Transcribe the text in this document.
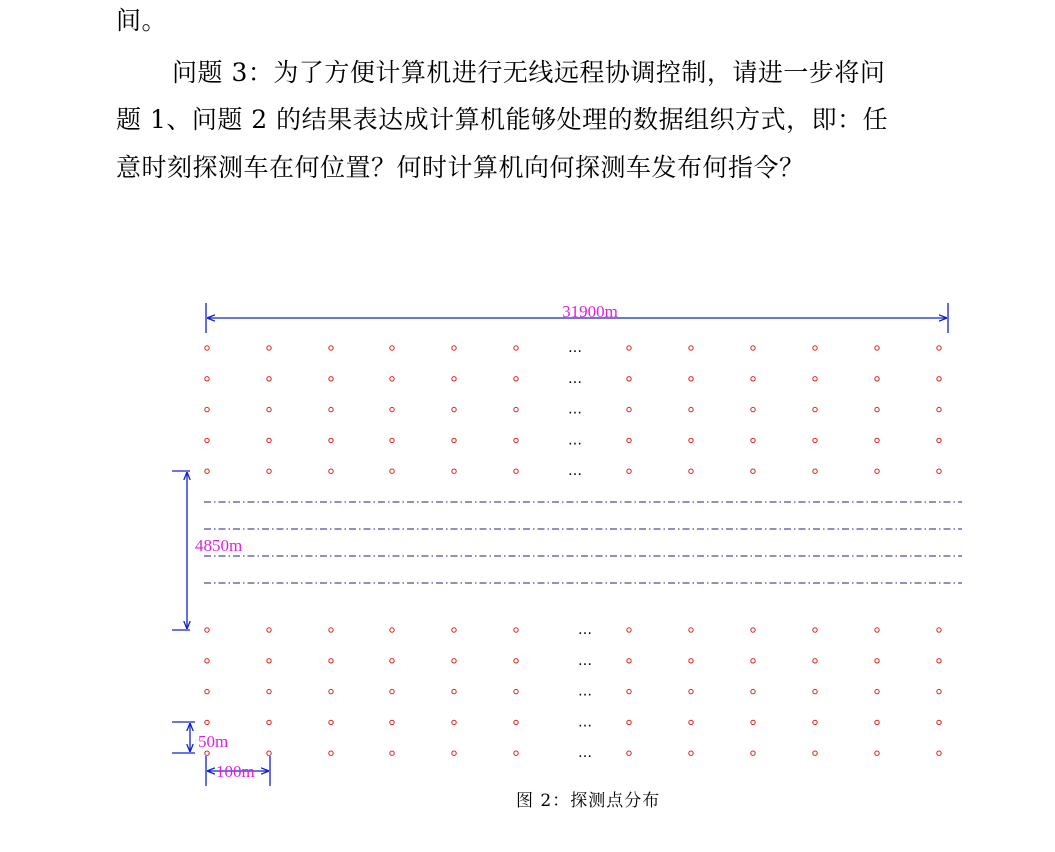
间。

问题 3：为了方便计算机进行无线远程协调控制，请进一步将问

题 1、问题 2 的结果表达成计算机能够处理的数据组织方式，即：任

意时刻探测车在何位置？何时计算机向何探测车发布何指令？

31900m
…
…
…
…
…
…
…
…
…
…
4850m
50m
100m
图 2：探测点分布
